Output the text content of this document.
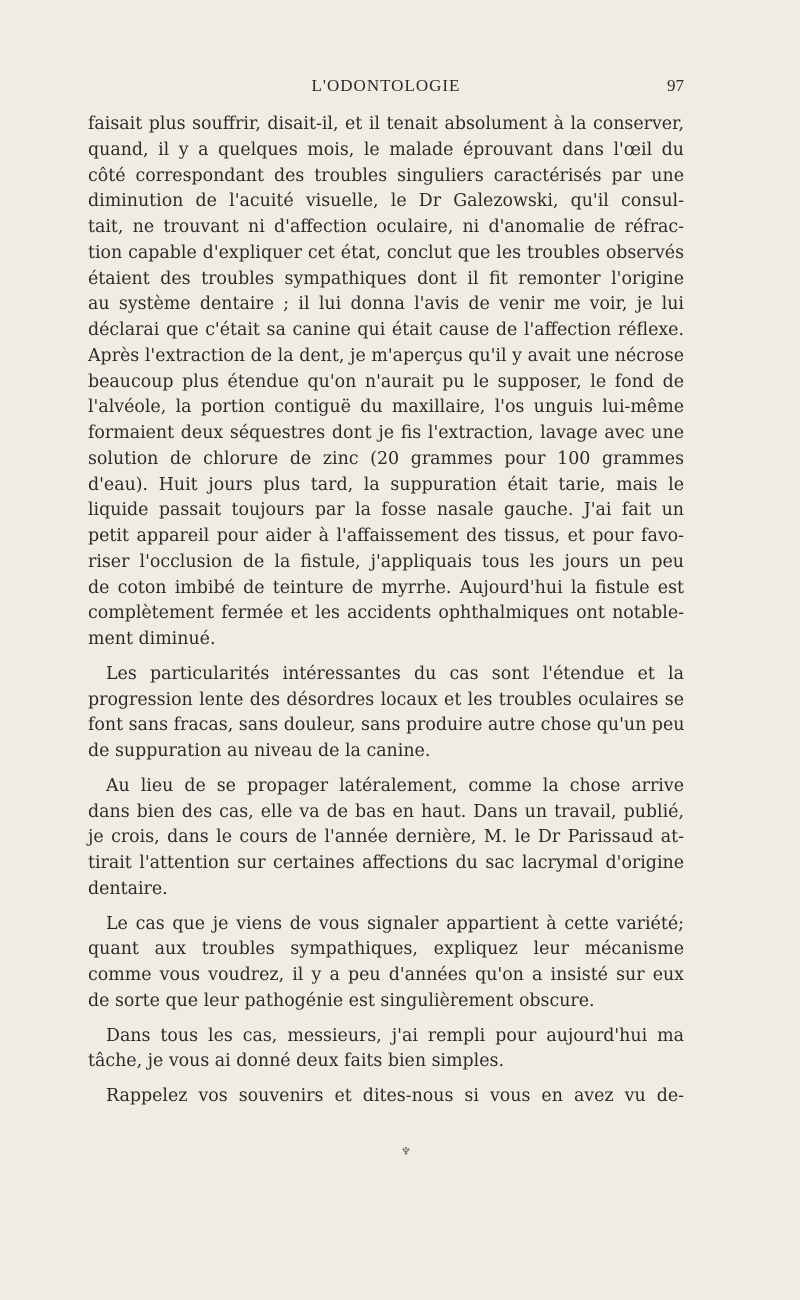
L'ODONTOLOGIE	97
faisait plus souffrir, disait-il, et il tenait absolument à la conserver,
quand, il y a quelques mois, le malade éprouvant dans l'œil du
côté correspondant des troubles singuliers caractérisés par une
diminution de l'acuité visuelle, le Dr Galezowski, qu'il consul-
tait, ne trouvant ni d'affection oculaire, ni d'anomalie de réfrac-
tion capable d'expliquer cet état, conclut que les troubles observés
étaient des troubles sympathiques dont il fit remonter l'origine
au système dentaire ; il lui donna l'avis de venir me voir, je lui
déclarai que c'était sa canine qui était cause de l'affection réflexe.
Après l'extraction de la dent, je m'aperçus qu'il y avait une nécrose
beaucoup plus étendue qu'on n'aurait pu le supposer, le fond de
l'alvéole, la portion contiguë du maxillaire, l'os unguis lui-même
formaient deux séquestres dont je fis l'extraction, lavage avec une
solution de chlorure de zinc (20 grammes pour 100 grammes
d'eau). Huit jours plus tard, la suppuration était tarie, mais le
liquide passait toujours par la fosse nasale gauche. J'ai fait un
petit appareil pour aider à l'affaissement des tissus, et pour favo-
riser l'occlusion de la fistule, j'appliquais tous les jours un peu
de coton imbibé de teinture de myrrhe. Aujourd'hui la fistule est
complètement fermée et les accidents ophthalmiques ont notable-
ment diminué.
Les particularités intéressantes du cas sont l'étendue et la
progression lente des désordres locaux et les troubles oculaires se
font sans fracas, sans douleur, sans produire autre chose qu'un peu
de suppuration au niveau de la canine.
Au lieu de se propager latéralement, comme la chose arrive
dans bien des cas, elle va de bas en haut. Dans un travail, publié,
je crois, dans le cours de l'année dernière, M. le Dr Parissaud at-
tirait l'attention sur certaines affections du sac lacrymal d'origine
dentaire.
Le cas que je viens de vous signaler appartient à cette variété;
quant aux troubles sympathiques, expliquez leur mécanisme
comme vous voudrez, il y a peu d'années qu'on a insisté sur eux
de sorte que leur pathogénie est singulièrement obscure.
Dans tous les cas, messieurs, j'ai rempli pour aujourd'hui ma
tâche, je vous ai donné deux faits bien simples.
Rappelez vos souvenirs et dites-nous si vous en avez vu de-
♆
